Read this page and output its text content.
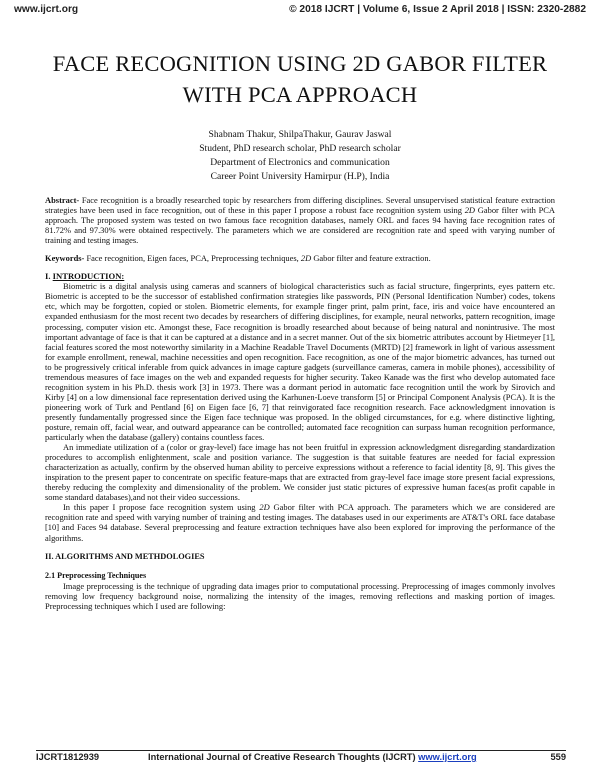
www.ijcrt.org	© 2018 IJCRT | Volume 6, Issue 2 April 2018 | ISSN: 2320-2882
FACE RECOGNITION USING 2D GABOR FILTER
WITH PCA APPROACH
Shabnam Thakur, ShilpaThakur, Gaurav Jaswal
Student, PhD research scholar, PhD research scholar
Department of Electronics and communication
Career Point University Hamirpur (H.P), India

Abstract- Face recognition is a broadly researched topic by researchers from differing disciplines. Several unsupervised statistical feature extraction strategies have been used in face recognition, out of these in this paper I propose a robust face recognition system using 2D Gabor filter with PCA approach. The proposed system was tested on two famous face recognition databases, namely ORL and faces 94 having face recognition rates of 81.72% and 97.30% were obtained respectively. The parameters which we are considered are recognition rate and speed with varying number of training and testing images.

Keywords- Face recognition, Eigen faces, PCA, Preprocessing techniques, 2D Gabor filter and feature extraction.

I. INTRODUCTION:

Biometric is a digital analysis using cameras and scanners of biological characteristics such as facial structure, fingerprints, eyes pattern etc. Biometric is accepted to be the successor of established confirmation strategies like passwords, PIN (Personal Identification Number) codes, tokens etc, which may be forgotten, copied or stolen. Biometric elements, for example finger print, palm print, face, iris and voice have encountered an expanded enthusiasm for the most recent two decades by researchers of differing disciplines, for example, neural networks, pattern recognition, image processing, computer vision etc. Amongst these, Face recognition is broadly researched about because of being natural and nonintrusive. The most important advantage of face is that it can be captured at a distance and in a secret manner. Out of the six biometric attributes account by Hietmeyer [1], facial features scored the most noteworthy similarity in a Machine Readable Travel Documents (MRTD) [2] framework in light of various assessment for example enrollment, renewal, machine necessities and open recognition. Face recognition, as one of the major biometric advances, has turned out to be progressively critical inferable from quick advances in image capture gadgets (surveillance cameras, camera in mobile phones), accessibility of tremendous measures of face images on the web and expanded requests for higher security. Takeo Kanade was the first who develop automated face recognition system in his Ph.D. thesis work [3] in 1973. There was a dormant period in automatic face recognition until the work by Sirovich and Kirby [4] on a low dimensional face representation derived using the Karhunen-Loeve transform [5] or Principal Component Analysis (PCA). It is the pioneering work of Turk and Pentland [6] on Eigen face [6, 7] that reinvigorated face recognition research. Face acknowledgment innovation is presently fundamentally progressed since the Eigen face technique was proposed. In the obliged circumstances, for e.g. where distinctive lighting, posture, remain off, facial wear, and outward appearance can be controlled; automated face recognition can surpass human recognition performance, particularly when the database (gallery) contains countless faces.

An immediate utilization of a (color or gray-level) face image has not been fruitful in expression acknowledgment disregarding standardization procedures to accomplish enlightenment, scale and position variance. The suggestion is that suitable features are needed for facial expression characterization as actually, confirm by the observed human ability to perceive expressions without a reference to facial identity [8, 9]. This gives the inspiration to the present paper to concentrate on specific feature-maps that are extracted from gray-level face image store present facial expressions, thereby reducing the complexity and dimensionality of the problem. We consider just static pictures of expressive human faces(as profit capable in some standard databases),and not their video successions.

In this paper I propose face recognition system using 2D Gabor filter with PCA approach. The parameters which we are considered are recognition rate and speed with varying number of training and testing images. The databases used in our experiments are AT&T's ORL face database [10] and Faces 94 database. Several preprocessing and feature extraction techniques have also been explored for improving the performance of the algorithms.

II. ALGORITHMS AND METHDOLOGIES

2.1 Preprocessing Techniques

Image preprocessing is the technique of upgrading data images prior to computational processing. Preprocessing of images commonly involves removing low frequency background noise, normalizing the intensity of the images, removing reflections and masking portion of images. Preprocessing techniques which I used are following:

IJCRT1812939	International Journal of Creative Research Thoughts (IJCRT) www.ijcrt.org	559
